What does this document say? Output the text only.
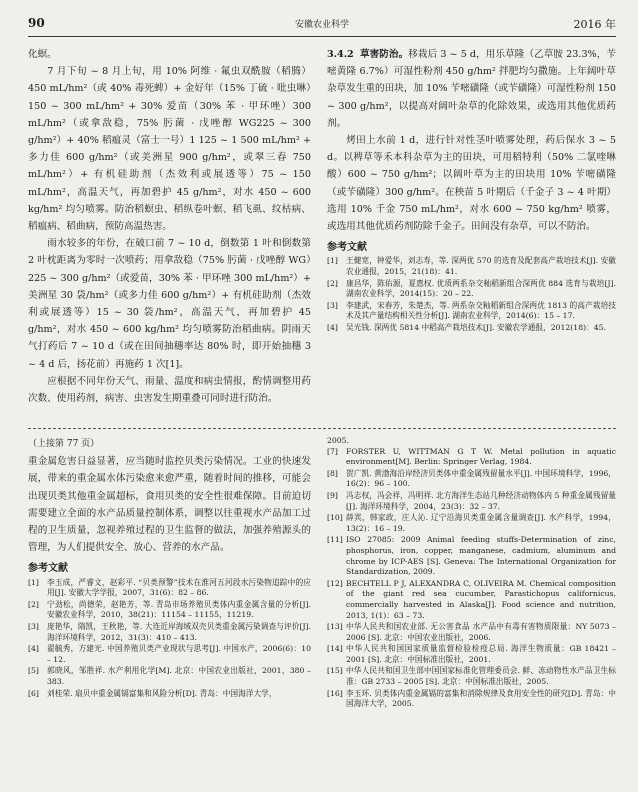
90	安徽农业科学	2016 年

化螟。

7 月下旬 ~ 8 月上旬，用 10% 阿维 · 氟虫双酰胺（稻腾）450 mL/hm²（或 40% 毒死蜱）+ 金好年（15% 丁硫 · 吡虫啉）150 ~ 300 mL/hm² + 30% 爱苗（30% 苯 · 甲环唑）300 mL/hm²（或拿敌稳，75% 肟菌 · 戊唑醇 WG225 ~ 300 g/hm²）+ 40% 稻瘟灵（富士一号）1 125 ~ 1 500 mL/hm² + 多力佳 600 g/hm²（或美洲星 900 g/hm²，或翠三春 750 mL/hm²）+ 有机硅助剂（杰效利或展透等）75 ~ 150 mL/hm²，高温天气，再加碧护 45 g/hm²，对水 450 ~ 600 kg/hm² 均匀喷雾。防治稻螟虫、稻纵卷叶螟、稻飞虱、纹枯病、稻瘟病、稻曲病，预防高温热害。

雨水较多的年份，在破口前 7 ~ 10 d，倒数第 1 叶和倒数第 2 叶枕距离为零时一次喷药；用拿敌稳（75% 肟菌 · 戊唑醇 WG）225 ~ 300 g/hm²（或爱苗，30% 苯 · 甲环唑 300 mL/hm²）+ 美洲星 30 袋/hm²（或多力佳 600 g/hm²）+ 有机硅助剂（杰效利或展透等）15 ~ 30 袋/hm²，高温天气，再加碧护 45 g/hm²，对水 450 ~ 600 kg/hm² 均匀喷雾防治稻曲病。阴雨天气打药后 7 ~ 10 d（或在田间抽穗率达 80% 时，即开始抽穗 3 ~ 4 d 后，扬花前）再施药 1 次[1]。

应根据不同年份天气、雨量、温度和病虫情报，酌情调整用药次数、使用药剂，病害、虫害发生期重叠可同时进行防治。

3.4.2 草害防治。移栽后 3 ~ 5 d，用乐草隆（乙草胺 23.3%，苄嘧黄隆 6.7%）可湿性粉剂 450 g/hm² 拌肥均匀撒施。上年阔叶草杂草发生重的田块，加 10% 苄嘧磺隆（或苄磺隆）可湿性粉剂 150 ~ 300 g/hm²，以提高对阔叶杂草的化除效果，或选用其他优质药剂。

烤田上水前 1 d，进行针对性茎叶喷雾处理，药后保水 3 ~ 5 d。以稗草等禾本科杂草为主的田块，可用稻特利（50% 二氯喹啉酸）600 ~ 750 g/hm²；以阔叶草为主的田块用 10% 苄嘧磺隆（或苄磺隆）300 g/hm²。在秧苗 5 叶期后（千金子 3 ~ 4 叶期）选用 10% 千金 750 mL/hm²，对水 600 ~ 750 kg/hm² 喷雾，或选用其他优质药剂防除千金子。田间没有杂草，可以不防治。

参考文献

[1]	王健宽，钟爱华，刘志寿，等. 深两优 570 的选育及配套高产栽培技术[J]. 安徽农业通报，2015，21(18)：41.
[2]	康昌华，陈佑源，夏惠权. 优质两系杂交籼稻新组合深两优 884 选育与栽培[J]. 湖南农业科学，2014(15)：20 – 22.
[3]	李建武，宋春芳，朱楚杰，等. 两系杂交籼稻新组合深两优 1813 的高产栽培技术及其产量结构相关性分析[J]. 湖南农业科学，2014(6)：15 – 17.
[4]	吴光钱. 深两优 5814 中稻高产栽培技术[J]. 安徽农学通报，2012(18)：45.

（上接第 77 页）

重金属危害日益显著，应当随时监控贝类污染情况。工业的快速发展，带来的重金属水体污染愈来愈严重，随着时间的推移，可能会出现贝类其他重金属超标，食用贝类的安全性很难保障。目前迫切需要建立全面的水产品质量控制体系，调整以往重视水产品加工过程的卫生质量，忽视养殖过程的卫生监督的做法，加强养殖源头的管理，为人们提供安全、放心、营养的水产品。

参考文献

[1]	李玉成，严睿文，赵彩平. “贝类预警”技术在淮河五河段水污染物追踪中的应用[J]. 安徽大学学报，2007，31(6)：82 – 86.
[2]	宁劲松，尚德荣，赵艳芳，等. 青岛市场养殖贝类体内重金属含量的分析[J]. 安徽农业科学，2010，38(21)：11154 – 11155，11219.
[3]	庞艳华，隋凯，王秋艳，等. 大连近岸海域双壳贝类重金属污染调查与评价[J]. 海洋环境科学，2012，31(3)：410 – 413.
[4]	翟毓秀，方建光. 中国养殖贝类产业现状与思考[J]. 中国水产，2006(6)：10 – 12.
[5]	郭晓风，邹胜祥. 水产利用化学[M]. 北京：中国农业出版社，2001，380 – 383.
[6]	刘桂荣. 扇贝中重金属镉富集和风险分析[D]. 青岛：中国海洋大学，

2005.

[7]	FORSTER U, WITTMAN G T W. Metal pollution in aquatic environment[M]. Berlin: Springer Verlag, 1984.
[8]	贺广凯. 黄渤海沿岸经济贝类体中重金属残留量水平[J]. 中国环境科学，1996，16(2)：96 – 100.
[9]	冯志权，冯会祥，冯明祥. 北方海洋生态站几种经济动物体内 5 种重金属残留量[J]. 海洋环境科学，2004，23(3)：32 – 37.
[10] 薛宾，韩家政，庄人沁. 辽宁沿海贝类重金属含量调查[J]. 水产科学，1994，13(2)：16 – 19.
[11] ISO 27085: 2009 Animal feeding stuffs-Determination of zinc, phosphorus, iron, copper, manganese, cadmium, aluminum and chrome by ICP-AES [S]. Geneva: The International Organization for Standardization, 2009.
[12] BECHTELL P J, ALEXANDRA C, OLIVEIRA M. Chemical composition of the giant red sea cucumber, Parastichopus californicus, commercially harvested in Alaska[J]. Food science and nutrition, 2013, 1(1)：63 – 73.
[13] 中华人民共和国农业部. 无公害食品 水产品中有毒有害物质限量：NY 5073 – 2006 [S]. 北京：中国农业出版社，2006.
[14] 中华人民共和国国家质量监督检验检疫总局. 海洋生物质量：GB 18421 – 2001 [S]. 北京：中国标准出版社，2001.
[15] 中华人民共和国卫生部中国国家标准化管理委员会. 鲜、冻动物性水产品卫生标准：GB 2733 – 2005 [S]. 北京：中国标准出版社，2005.
[16] 李玉环. 贝类体内重金属镉的富集和消除规律及食用安全性的研究[D]. 青岛：中国海洋大学，2005.
